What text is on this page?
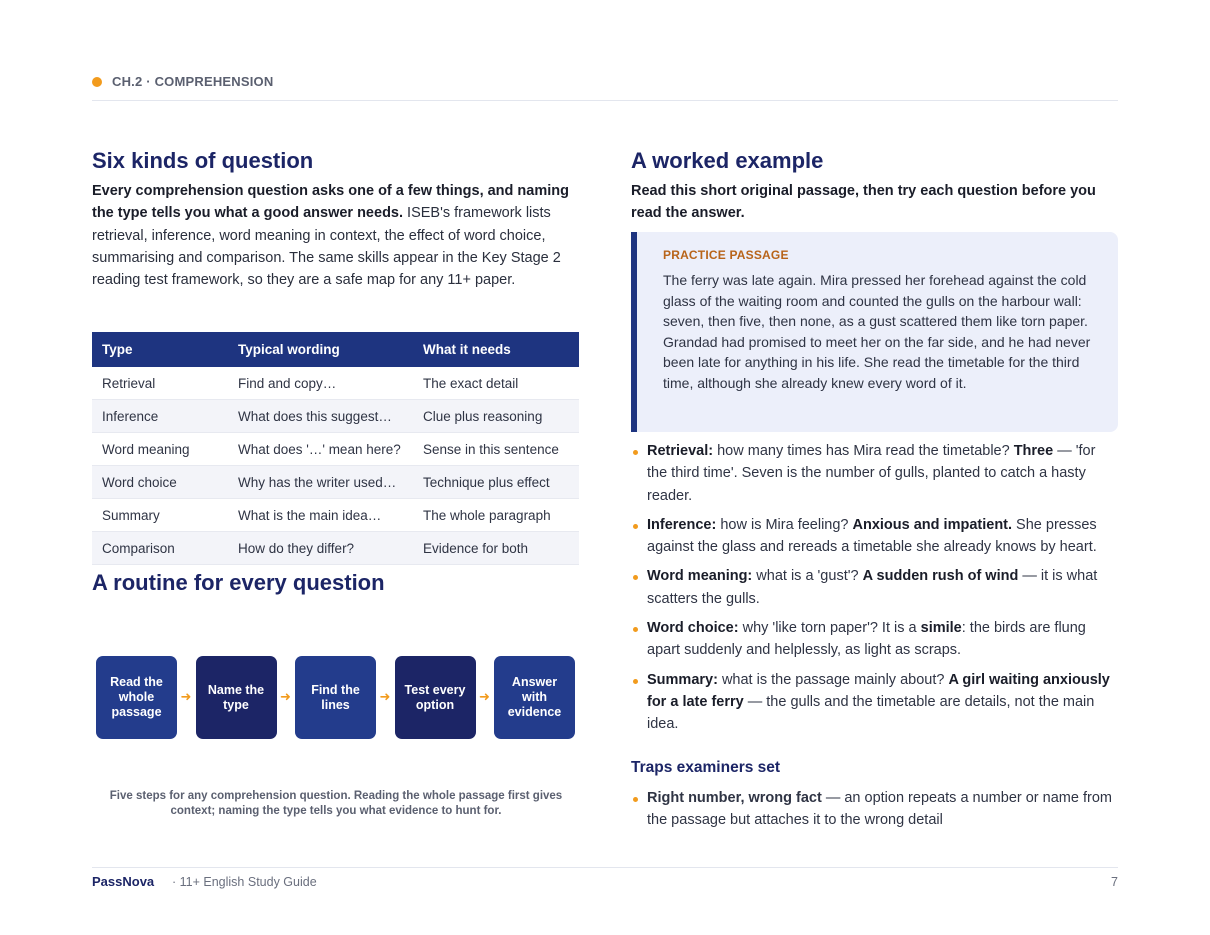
CH.2 · COMPREHENSION
Six kinds of question

Every comprehension question asks one of a few things, and naming the type tells you what a good answer needs. ISEB's framework lists retrieval, inference, word meaning in context, the effect of word choice, summarising and comparison. The same skills appear in the Key Stage 2 reading test framework, so they are a safe map for any 11+ paper.

Type	Typical wording	What it needs
Retrieval	Find and copy…	The exact detail
Inference	What does this suggest…	Clue plus reasoning
Word meaning	What does '…' mean here?	Sense in this sentence
Word choice	Why has the writer used…	Technique plus effect
Summary	What is the main idea…	The whole paragraph
Comparison	How do they differ?	Evidence for both
A routine for every question
Read the whole passage
➜	Name the type
➜	Find the lines
➜	Test every option
➜
Answer with evidence
Five steps for any comprehension question. Reading the whole passage first gives context; naming the type tells you what evidence to hunt for.
A worked example

Read this short original passage, then try each question before you read the answer.

PRACTICE PASSAGE
The ferry was late again. Mira pressed her forehead against the cold glass of the waiting room and counted the gulls on the harbour wall: seven, then five, then none, as a gust scattered them like torn paper. Grandad had promised to meet her on the far side, and he had never been late for anything in his life. She read the timetable for the third time, although she already knew every word of it.
Retrieval: how many times has Mira read the timetable? Three — 'for the third time'. Seven is the number of gulls, planted to catch a hasty reader.
Inference: how is Mira feeling? Anxious and impatient. She presses against the glass and rereads a timetable she already knows by heart.
Word meaning: what is a 'gust'? A sudden rush of wind — it is what scatters the gulls.
Word choice: why 'like torn paper'? It is a simile: the birds are flung apart suddenly and helplessly, as light as scraps.
Summary: what is the passage mainly about? A girl waiting anxiously for a late ferry — the gulls and the timetable are details, not the main idea.
Traps examiners set
Right number, wrong fact — an option repeats a number or name from the passage but attaches it to the wrong detail
PassNova · 11+ English Study Guide	7
